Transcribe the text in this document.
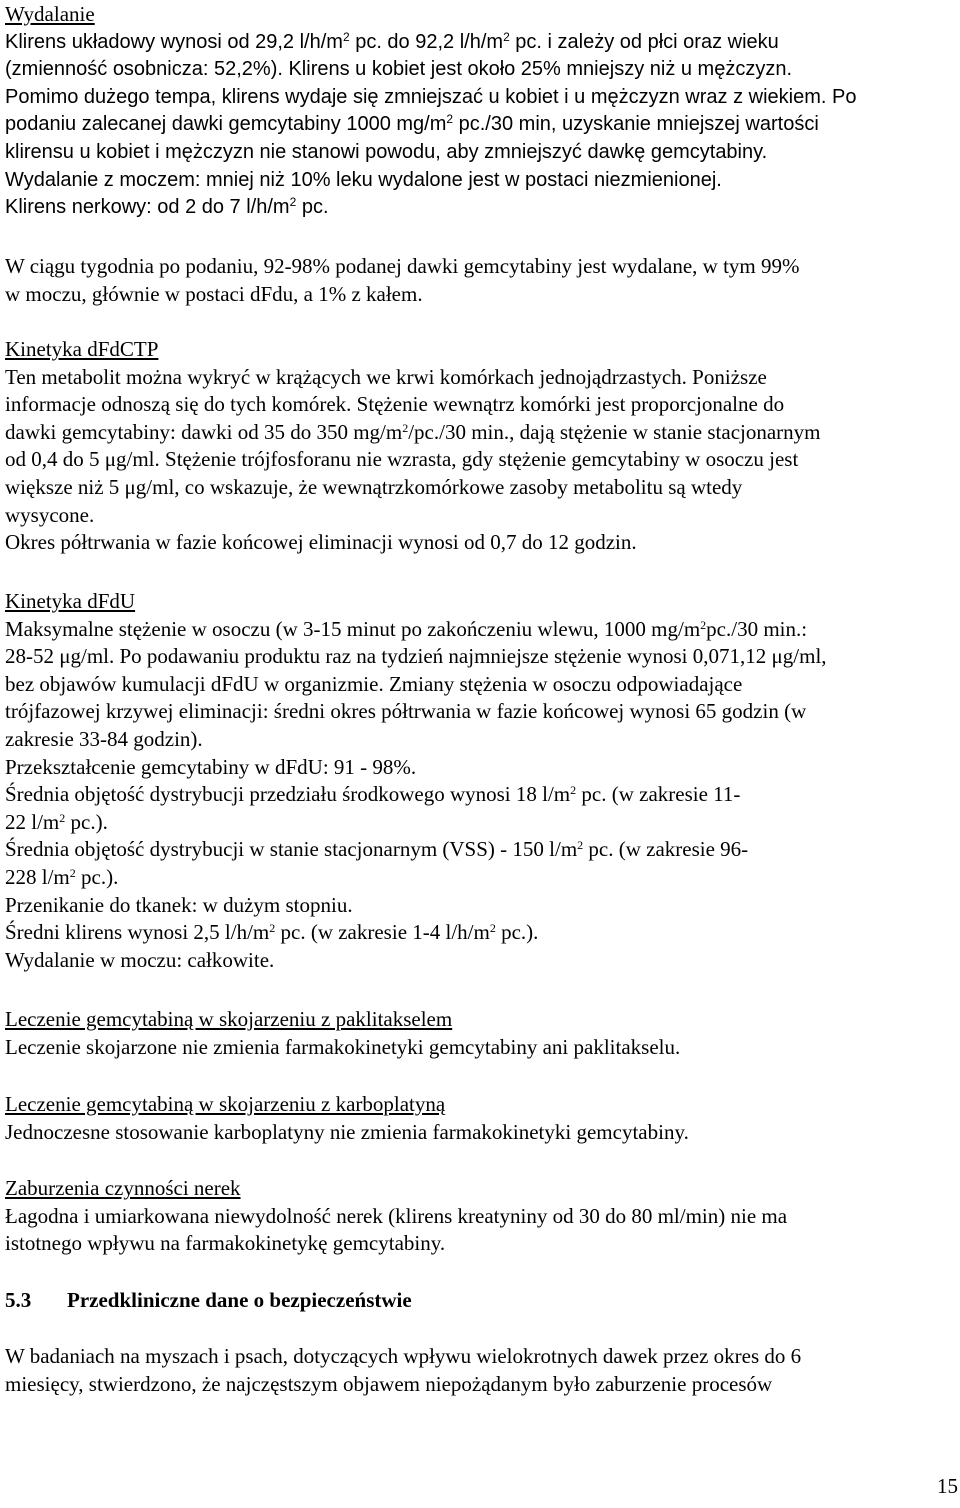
Wydalanie
Klirens układowy wynosi od 29,2 $l/h/m^2$ pc. do 92,2 $l/h/m^2$ pc. i zależy od płci oraz wieku
(zmienność osobnicza: 52,2%). Klirens u kobiet jest około 25% mniejszy niż u mężczyzn.
Pomimo dużego tempa, klirens wydaje się zmniejszać u kobiet i u mężczyzn wraz z wiekiem. Po
podaniu zalecanej dawki gemcytabiny 1000 $mg/m^2$ pc./30 min, uzyskanie mniejszej wartości
klirensu u kobiet i mężczyzn nie stanowi powodu, aby zmniejszyć dawkę gemcytabiny.
Wydalanie z moczem: mniej niż 10% leku wydalone jest w postaci niezmienionej.
Klirens nerkowy: od 2 do 7 $l/h/m^2$ pc.
W ciągu tygodnia po podaniu, 92-98% podanej dawki gemcytabiny jest wydalane, w tym 99%
w moczu, głównie w postaci dFdu, a 1% z kałem.
Kinetyka dFdCTP
Ten metabolit można wykryć w krążących we krwi komórkach jednojądrzastych. Poniższe
informacje odnoszą się do tych komórek. Stężenie wewnątrz komórki jest proporcjonalne do
dawki gemcytabiny: dawki od 35 do 350 $mg/m^2/pc./30$ min., dają stężenie w stanie stacjonarnym
od 0,4 do 5 μg/ml. Stężenie trójfosforanu nie wzrasta, gdy stężenie gemcytabiny w osoczu jest
większe niż 5 μg/ml, co wskazuje, że wewnątrzkomórkowe zasoby metabolitu są wtedy
wysycone.
Okres półtrwania w fazie końcowej eliminacji wynosi od 0,7 do 12 godzin.
Kinetyka dFdU
Maksymalne stężenie w osoczu (w 3-15 minut po zakończeniu wlewu, 1000 $mg/m^2pc./30$ min.:
28-52 μg/ml. Po podawaniu produktu raz na tydzień najmniejsze stężenie wynosi 0,071,12 μg/ml,
bez objawów kumulacji dFdU w organizmie. Zmiany stężenia w osoczu odpowiadające
trójfazowej krzywej eliminacji: średni okres półtrwania w fazie końcowej wynosi 65 godzin (w
zakresie 33-84 godzin).
Przekształcenie gemcytabiny w dFdU: 91 - 98%.
Średnia objętość dystrybucji przedziału środkowego wynosi 18 $l/m^2$ pc. (w zakresie 11-
22 $l/m^2$ pc.).
Średnia objętość dystrybucji w stanie stacjonarnym (VSS) - 150 $l/m^2$ pc. (w zakresie 96-
228 $l/m^2$ pc.).
Przenikanie do tkanek: w dużym stopniu.
Średni klirens wynosi 2,5 $l/h/m^2$ pc. (w zakresie 1-4 $l/h/m^2$ pc.).
Wydalanie w moczu: całkowite.
Leczenie gemcytabiną w skojarzeniu z paklitakselem
Leczenie skojarzone nie zmienia farmakokinetyki gemcytabiny ani paklitakselu.
Leczenie gemcytabiną w skojarzeniu z karboplatyną
Jednoczesne stosowanie karboplatyny nie zmienia farmakokinetyki gemcytabiny.
Zaburzenia czynności nerek
Łagodna i umiarkowana niewydolność nerek (klirens kreatyniny od 30 do 80 ml/min) nie ma
istotnego wpływu na farmakokinetykę gemcytabiny.
5.3 Przedkliniczne dane o bezpieczeństwie
W badaniach na myszach i psach, dotyczących wpływu wielokrotnych dawek przez okres do 6
miesięcy, stwierdzono, że najczęstszym objawem niepożądanym było zaburzenie procesów
15
